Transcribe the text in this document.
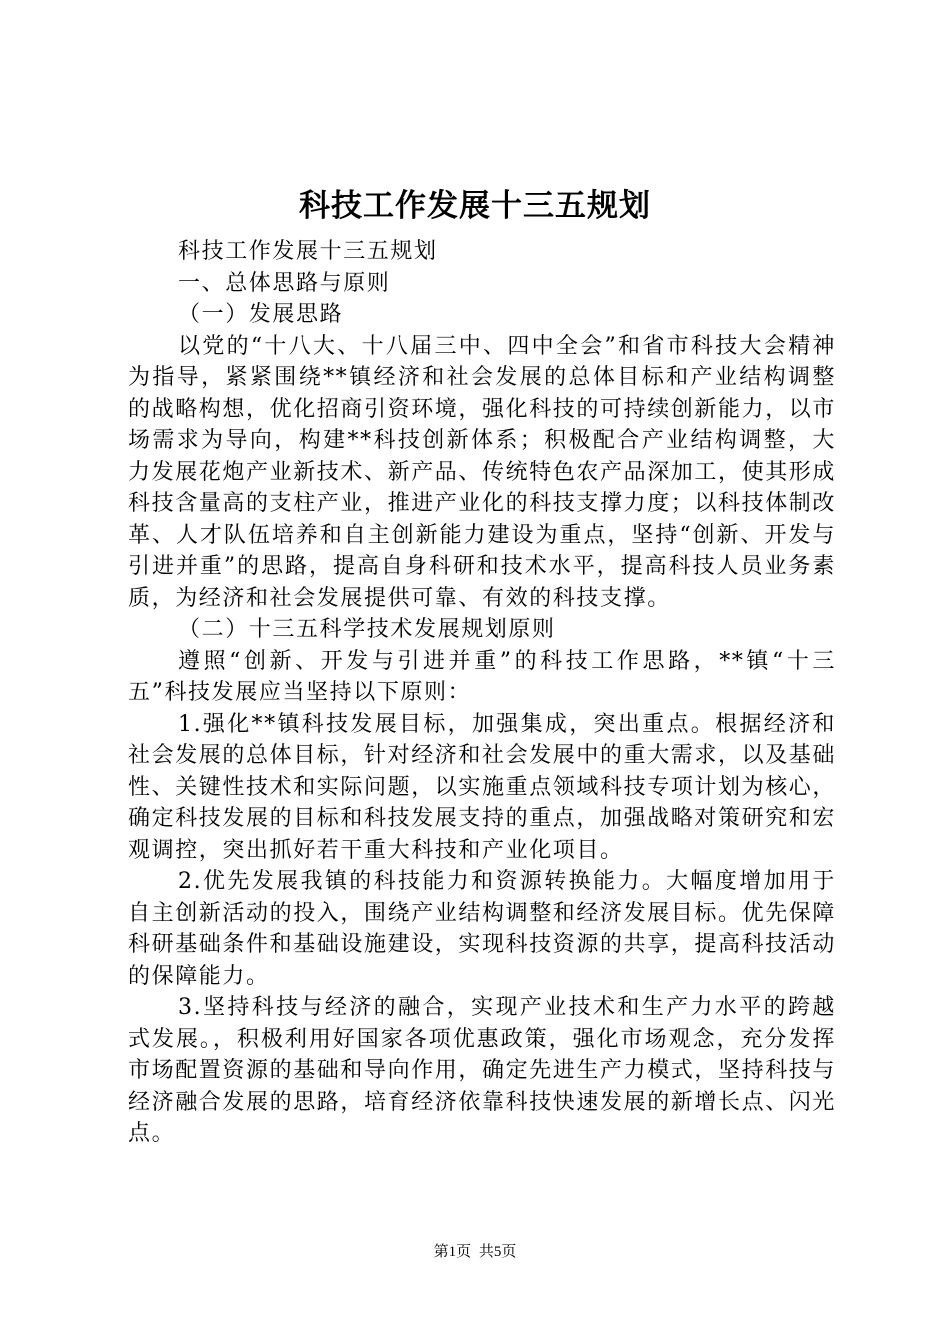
科技工作发展十三五规划

科技工作发展十三五规划

一、总体思路与原则

（一）发展思路

以党的“十八大、十八届三中、四中全会”和省市科技大会精神为指导，紧紧围绕**镇经济和社会发展的总体目标和产业结构调整的战略构想，优化招商引资环境，强化科技的可持续创新能力，以市场需求为导向，构建**科技创新体系；积极配合产业结构调整，大力发展花炮产业新技术、新产品、传统特色农产品深加工，使其形成科技含量高的支柱产业，推进产业化的科技支撑力度；以科技体制改革、人才队伍培养和自主创新能力建设为重点，坚持“创新、开发与引进并重”的思路，提高自身科研和技术水平，提高科技人员业务素质，为经济和社会发展提供可靠、有效的科技支撑。

（二）十三五科学技术发展规划原则

遵照“创新、开发与引进并重”的科技工作思路，**镇“十三五”科技发展应当坚持以下原则：

1.强化**镇科技发展目标，加强集成，突出重点。根据经济和社会发展的总体目标，针对经济和社会发展中的重大需求，以及基础性、关键性技术和实际问题，以实施重点领域科技专项计划为核心，确定科技发展的目标和科技发展支持的重点，加强战略对策研究和宏观调控，突出抓好若干重大科技和产业化项目。

2.优先发展我镇的科技能力和资源转换能力。大幅度增加用于自主创新活动的投入，围绕产业结构调整和经济发展目标。优先保障科研基础条件和基础设施建设，实现科技资源的共享，提高科技活动的保障能力。

3.坚持科技与经济的融合，实现产业技术和生产力水平的跨越式发展。，积极利用好国家各项优惠政策，强化市场观念，充分发挥市场配置资源的基础和导向作用，确定先进生产力模式，坚持科技与经济融合发展的思路，培育经济依靠科技快速发展的新增长点、闪光点。

第1页 共5页
